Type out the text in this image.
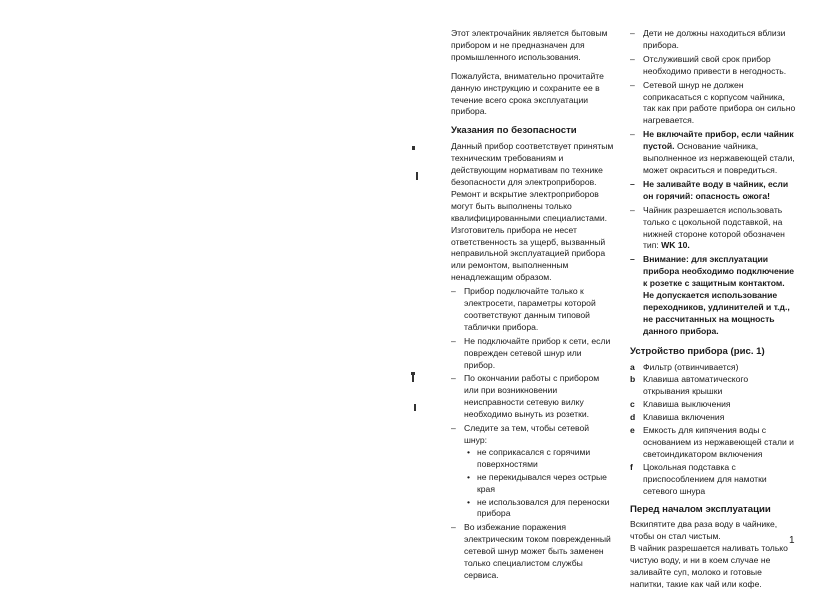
Этот электрочайник является бытовым прибором и не предназначен для промышленного использования.

Пожалуйста, внимательно прочитайте данную инструкцию и сохраните ее в течение всего срока эксплуатации прибора.

Указания по безопасности

Данный прибор соответствует принятым техническим требованиям и действующим нормативам по технике безопасности для электроприборов. Ремонт и вскрытие электроприборов могут быть выполнены только квалифицированными специалистами.

Изготовитель прибора не несет ответственность за ущерб, вызванный неправильной эксплуатацией прибора или ремонтом, выполненным ненадлежащим образом.

– Прибор подключайте только к электросети, параметры которой соответствуют данным типовой таблички прибора.
– Не подключайте прибор к сети, если поврежден сетевой шнур или прибор.
– По окончании работы с прибором или при возникновении неисправности сетевую вилку необходимо вынуть из розетки.
– Следите за тем, чтобы сетевой шнур:
• не соприкасался с горячими поверхностями
• не перекидывался через острые края
• не использовался для переноски прибора
– Во избежание поражения электрическим током поврежденный сетевой шнур может быть заменен только специалистом службы сервиса.
– Дети не должны находиться вблизи прибора.
– Отслуживший свой срок прибор необходимо привести в негодность.
– Сетевой шнур не должен соприкасаться с корпусом чайника, так как при работе прибора он сильно нагревается.
– Не включайте прибор, если чайник пустой. Основание чайника, выполненное из нержавеющей стали, может окраситься и повредиться.
– Не заливайте воду в чайник, если он горячий: опасность ожога!
– Чайник разрешается использовать только с цокольной подставкой, на нижней стороне которой обозначен тип: WK 10.
– Внимание: для эксплуатации прибора необходимо подключение к розетке с защитным контактом. Не допускается использование переходников, удлинителей и т.д., не рассчитанных на мощность данного прибора.
Устройство прибора (рис. 1)
a Фильтр (отвинчивается)
b Клавиша автоматического открывания крышки
c Клавиша выключения
d Клавиша включения
e Емкость для кипячения воды с основанием из нержавеющей стали и светоиндикатором включения
f Цокольная подставка с приспособлением для намотки сетевого шнура
Перед началом эксплуатации

Вскипятите два раза воду в чайнике, чтобы он стал чистым.

В чайник разрешается наливать только чистую воду, и ни в коем случае не заливайте суп, молоко и готовые напитки, такие как чай или кофе.

1
